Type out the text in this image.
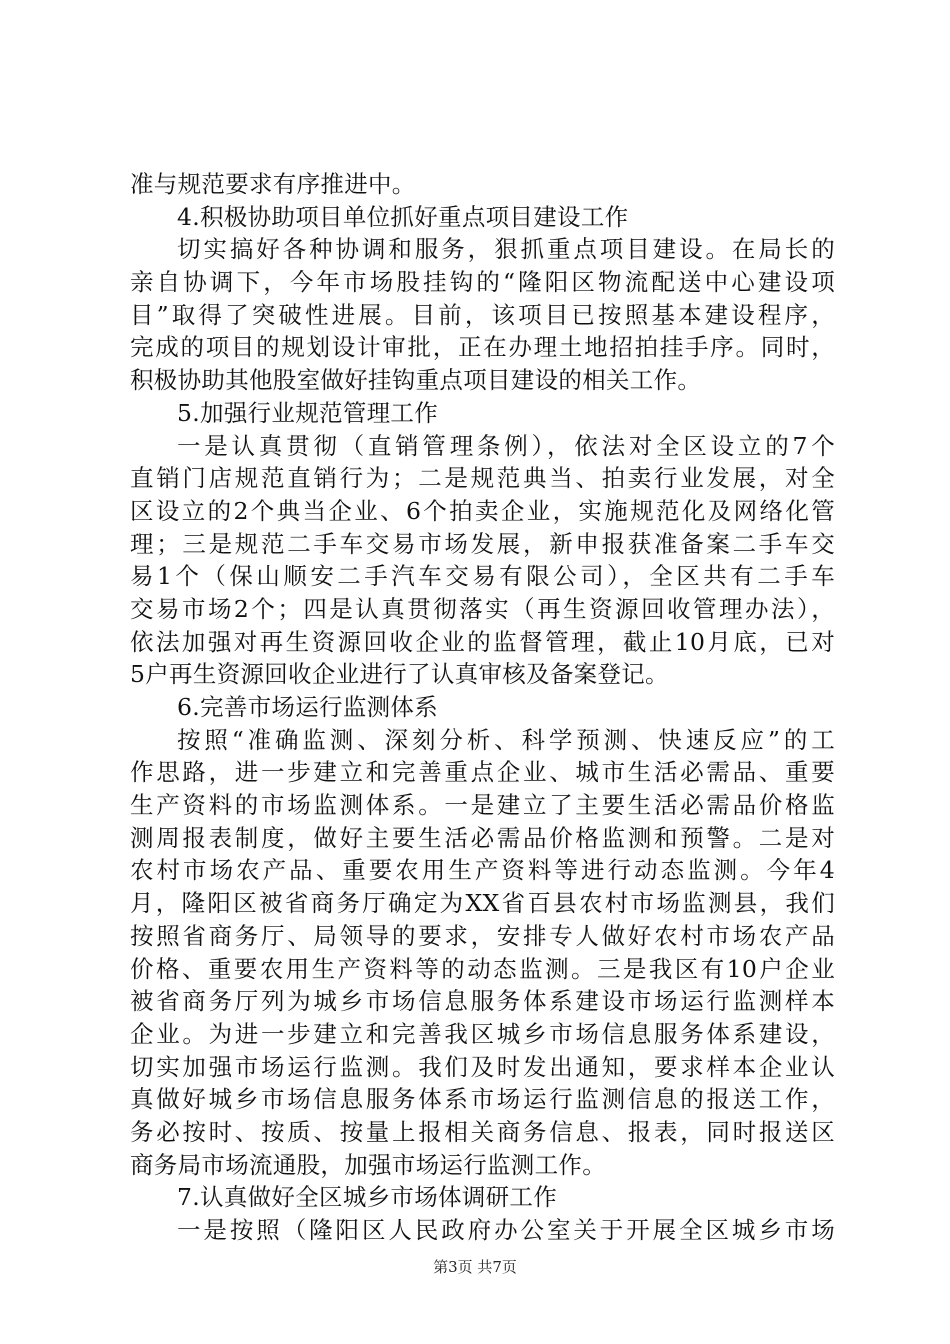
准与规范要求有序推进中。
4.积极协助项目单位抓好重点项目建设工作
切实搞好各种协调和服务，狠抓重点项目建设。在局长的
亲自协调下，今年市场股挂钩的“隆阳区物流配送中心建设项
目”取得了突破性进展。目前，该项目已按照基本建设程序，
完成的项目的规划设计审批，正在办理土地招拍挂手序。同时，
积极协助其他股室做好挂钩重点项目建设的相关工作。
5.加强行业规范管理工作
一是认真贯彻（直销管理条例），依法对全区设立的7个
直销门店规范直销行为；二是规范典当、拍卖行业发展，对全
区设立的2个典当企业、6个拍卖企业，实施规范化及网络化管
理；三是规范二手车交易市场发展，新申报获准备案二手车交
易1个（保山顺安二手汽车交易有限公司），全区共有二手车
交易市场2个；四是认真贯彻落实（再生资源回收管理办法），
依法加强对再生资源回收企业的监督管理，截止10月底，已对
5户再生资源回收企业进行了认真审核及备案登记。
6.完善市场运行监测体系
按照“准确监测、深刻分析、科学预测、快速反应”的工
作思路，进一步建立和完善重点企业、城市生活必需品、重要
生产资料的市场监测体系。一是建立了主要生活必需品价格监
测周报表制度，做好主要生活必需品价格监测和预警。二是对
农村市场农产品、重要农用生产资料等进行动态监测。今年4
月，隆阳区被省商务厅确定为XX省百县农村市场监测县，我们
按照省商务厅、局领导的要求，安排专人做好农村市场农产品
价格、重要农用生产资料等的动态监测。三是我区有10户企业
被省商务厅列为城乡市场信息服务体系建设市场运行监测样本
企业。为进一步建立和完善我区城乡市场信息服务体系建设，
切实加强市场运行监测。我们及时发出通知，要求样本企业认
真做好城乡市场信息服务体系市场运行监测信息的报送工作，
务必按时、按质、按量上报相关商务信息、报表，同时报送区
商务局市场流通股，加强市场运行监测工作。
7.认真做好全区城乡市场体调研工作
一是按照（隆阳区人民政府办公室关于开展全区城乡市场
第3页 共7页
